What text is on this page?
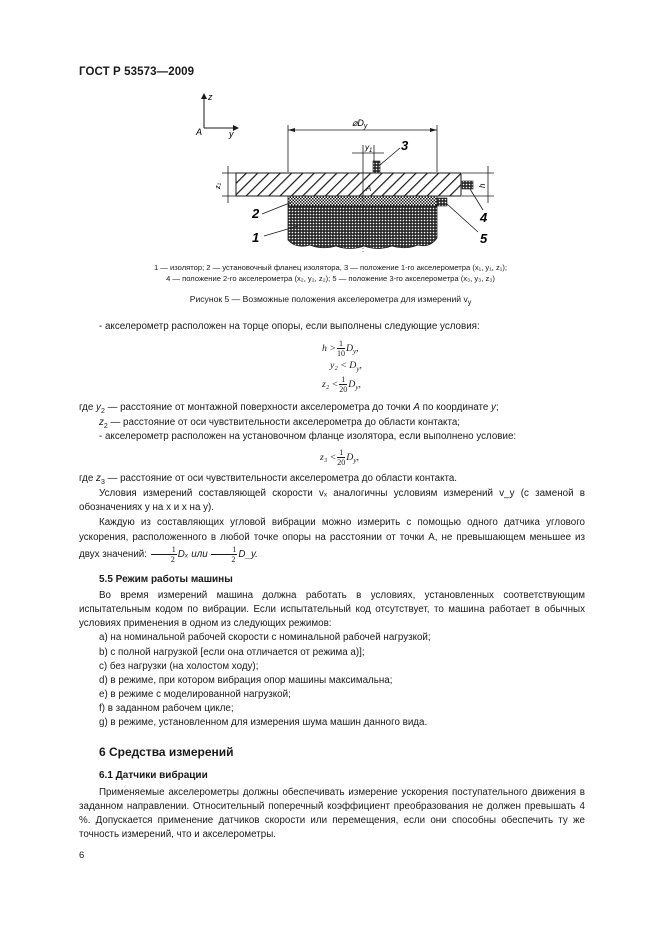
ГОСТ Р 53573—2009
z
y
A
$⌀D_y$
$y_1$ 3
A
z₁	h
4
5
2
1
1 — изолятор; 2 — установочный фланец изолятора, 3 — положение 1-го акселерометра (x₁, y₁, z₁);
4 — положение 2-го акселерометра (x₂, y₂, z₂); 5 — положение 3-го акселерометра (x₃, y₃, z₃)
Рисунок 5 — Возможные положения акселерометра для измерений $v_y$

- акселерометр расположен на торце опоры, если выполнены следующие условия:

$h > \frac{1}{10} D_y$,
$y_2 < D_y$,
$z_2 < \frac{1}{20} D_y$,

где $y_2$ — расстояние от монтажной поверхности акселерометра до точки A по координате y;

$z_2$ — расстояние от оси чувствительности акселерометра до области контакта;

- акселерометр расположен на установочном фланце изолятора, если выполнено условие:

$z_3 < \frac{1}{20} D_y$,

где $z_3$ — расстояние от оси чувствительности акселерометра до области контакта.

Условия измерений составляющей скорости vₓ аналогичны условиям измерений v_y (с заменой в обозначениях y на x и x на y).

Каждую из составляющих угловой вибрации можно измерить с помощью одного датчика углового ускорения, расположенного в любой точке опоры на расстоянии от точки A, не превышающем меньшее из двух значений: $\frac{1}{2}$ Dₓ или $\frac{1}{2}$ D_y.

5.5 Режим работы машины

Во время измерений машина должна работать в условиях, установленных соответствующим испытательным кодом по вибрации. Если испытательный код отсутствует, то машина работает в обычных условиях применения в одном из следующих режимов:

a) на номинальной рабочей скорости с номинальной рабочей нагрузкой;

b) с полной нагрузкой [если она отличается от режима а)];

c) без нагрузки (на холостом ходу);

d) в режиме, при котором вибрация опор машины максимальна;

e) в режиме с моделированной нагрузкой;

f) в заданном рабочем цикле;

g) в режиме, установленном для измерения шума машин данного вида.

6 Средства измерений
6.1 Датчики вибрации

Применяемые акселерометры должны обеспечивать измерение ускорения поступательного движения в заданном направлении. Относительный поперечный коэффициент преобразования не должен превышать 4 %. Допускается применение датчиков скорости или перемещения, если они способны обеспечить ту же точность измерений, что и акселерометры.

6
